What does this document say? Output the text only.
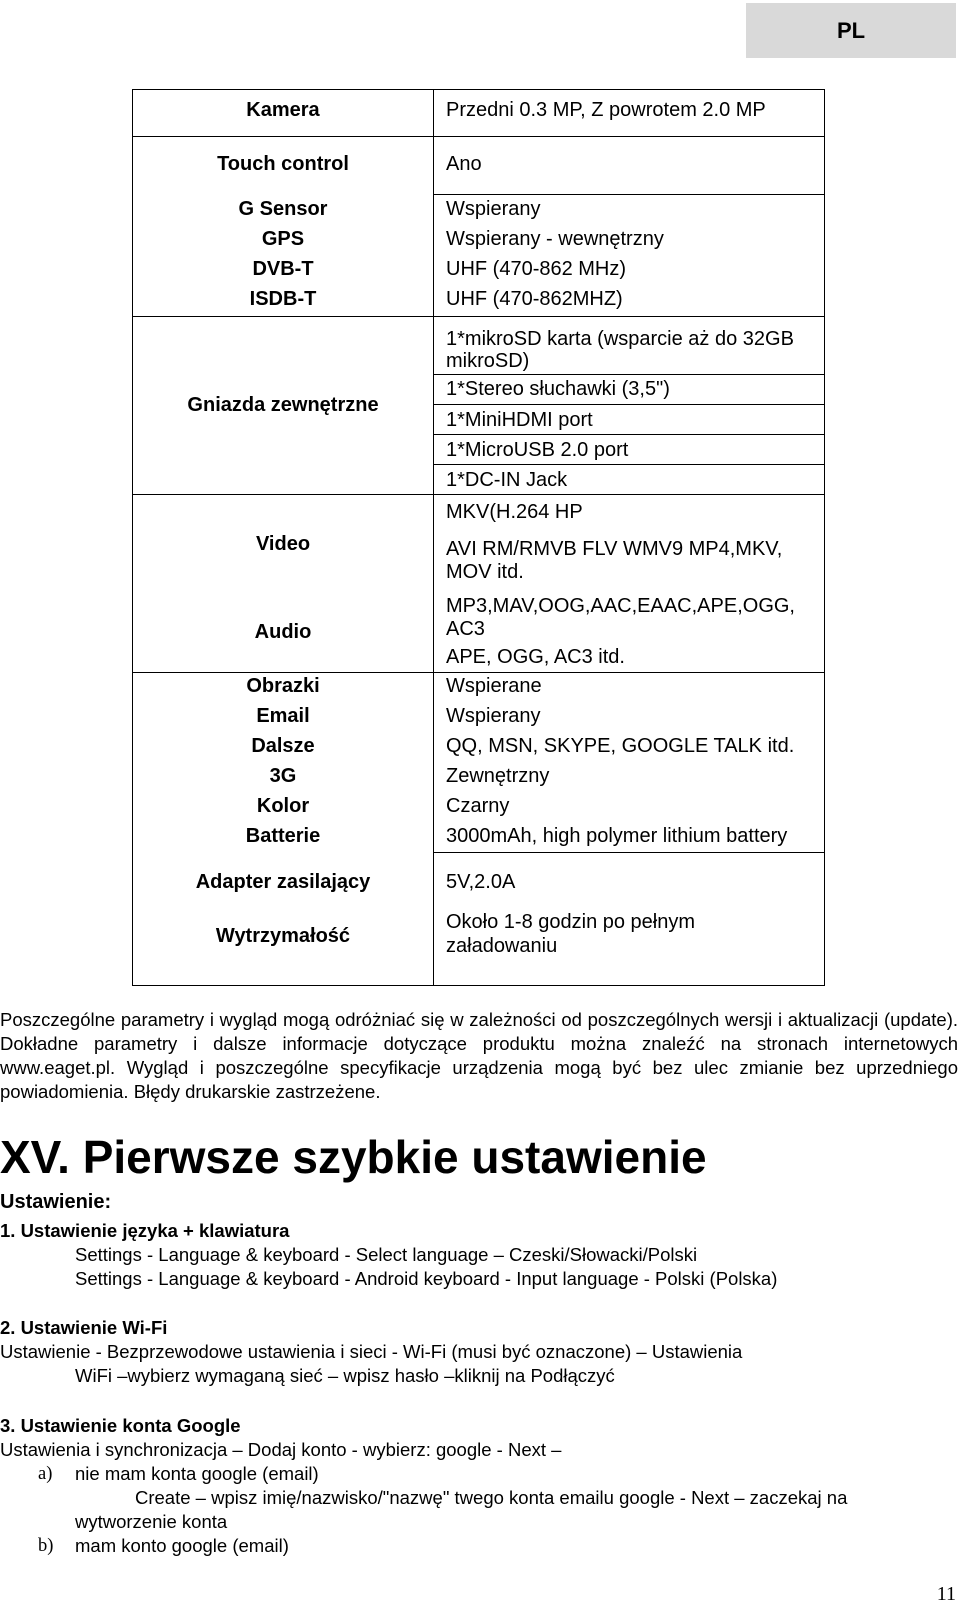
PL
Kamera
Touch control
G Sensor
GPS
DVB-T
ISDB-T
Gniazda zewnętrzne
Video
Audio
Obrazki
Email
Dalsze
3G
Kolor
Batterie
Adapter zasilający
Wytrzymałość
Przedni 0.3 MP, Z powrotem 2.0 MP
Ano
Wspierany
Wspierany - wewnętrzny
UHF (470-862 MHz)
UHF (470-862MHZ)
1*mikroSD karta (wsparcie aż do 32GB
mikroSD)
1*Stereo słuchawki (3,5")
1*MiniHDMI port
1*MicroUSB 2.0 port
1*DC-IN Jack
MKV(H.264 HP
AVI RM/RMVB FLV WMV9 MP4,MKV,
MOV itd.
MP3,MAV,OOG,AAC,EAAC,APE,OGG,
AC3
APE, OGG, AC3 itd.
Wspierane
Wspierany
QQ, MSN, SKYPE, GOOGLE TALK itd.
Zewnętrzny
Czarny
3000mAh, high polymer lithium battery
5V,2.0A
Około 1-8 godzin po pełnym
załadowaniu
Poszczególne parametry i wygląd mogą odróżniać się w zależności od poszczególnych wersji i aktualizacji (update). Dokładne parametry i dalsze informacje dotyczące produktu można znaleźć na stronach internetowych www.eaget.pl. Wygląd i poszczególne specyfikacje urządzenia mogą być bez ulec zmianie bez uprzedniego powiadomienia. Błędy drukarskie zastrzeżene.
XV. Pierwsze szybkie ustawienie
Ustawienie:
1. Ustawienie języka + klawiatura
Settings - Language & keyboard - Select language – Czeski/Słowacki/Polski
Settings - Language & keyboard - Android keyboard - Input language - Polski (Polska)
2. Ustawienie Wi-Fi
Ustawienie - Bezprzewodowe ustawienia i sieci - Wi-Fi (musi być oznaczone) – Ustawienia
WiFi –wybierz wymaganą sieć – wpisz hasło –kliknij na Podłączyć
3. Ustawienie konta Google
Ustawienia i synchronizacja – Dodaj konto - wybierz: google - Next –
a) nie mam konta google (email)
Create – wpisz imię/nazwisko/"nazwę" twego konta emailu google - Next – zaczekaj na
wytworzenie konta
b) mam konto google (email)
11
